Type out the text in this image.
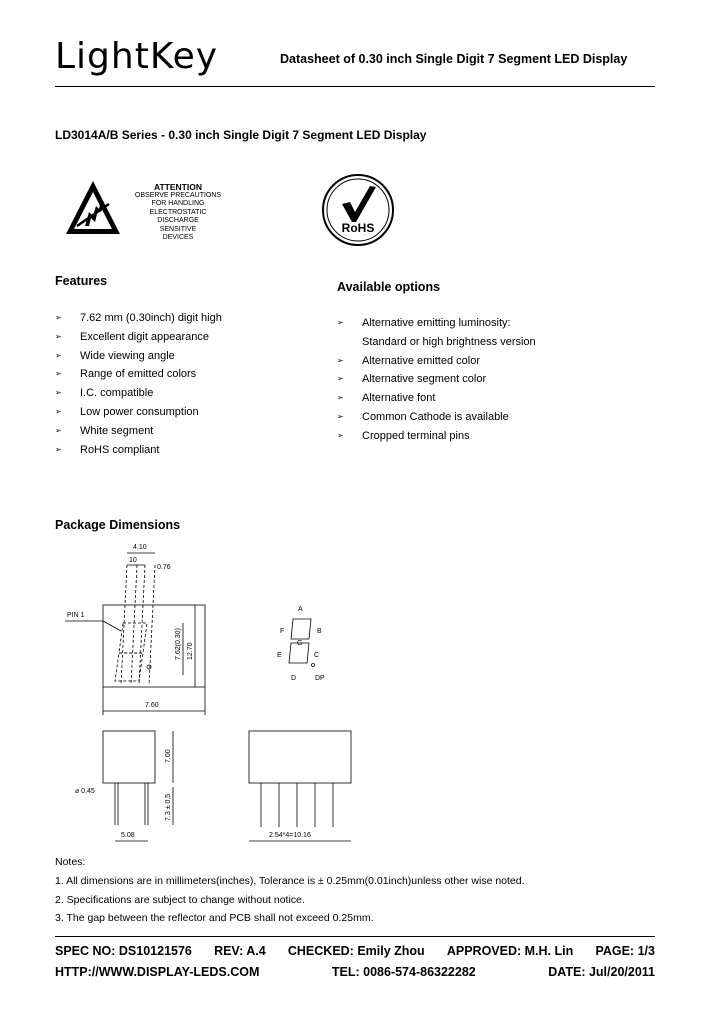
LightKey	Datasheet of 0.30 inch Single Digit 7 Segment LED Display
LD3014A/B Series - 0.30 inch Single Digit 7 Segment LED Display
ATTENTION
OBSERVE PRECAUTIONS
FOR HANDLING
ELECTROSTATIC
DISCHARGE
SENSITIVE
DEVICES
RoHS
Features
➢ 7.62 mm (0.30inch) digit high
➢ Excellent digit appearance
➢ Wide viewing angle
➢ Range of emitted colors
➢ I.C. compatible
➢ Low power consumption
➢ White segment
➢ RoHS compliant
Available options
➢ Alternative emitting luminosity:
Standard or high brightness version
➢ Alternative emitted color
➢ Alternative segment color
➢ Alternative font
➢ Common Cathode is available
➢ Cropped terminal pins
Package Dimensions
4.10
10
0.76
PIN 1
7.62(0.30) 12.70
7.60
7.00
7.3 ± 0.5
⌀ 0.45
5.08	2.54*4=10.16
A
B
C
D
E
F
G
DP
Notes:
1. All dimensions are in millimeters(inches), Tolerance is ± 0.25mm(0.01inch)unless other wise noted.
2. Specifications are subject to change without notice.
3. The gap between the reflector and PCB shall not exceed 0.25mm.
SPEC NO: DS10121576 REV: A.4 CHECKED: Emily Zhou APPROVED: M.H. Lin PAGE: 1/3
HTTP://WWW.DISPLAY-LEDS.COM	TEL: 0086-574-86322282	DATE: Jul/20/2011
